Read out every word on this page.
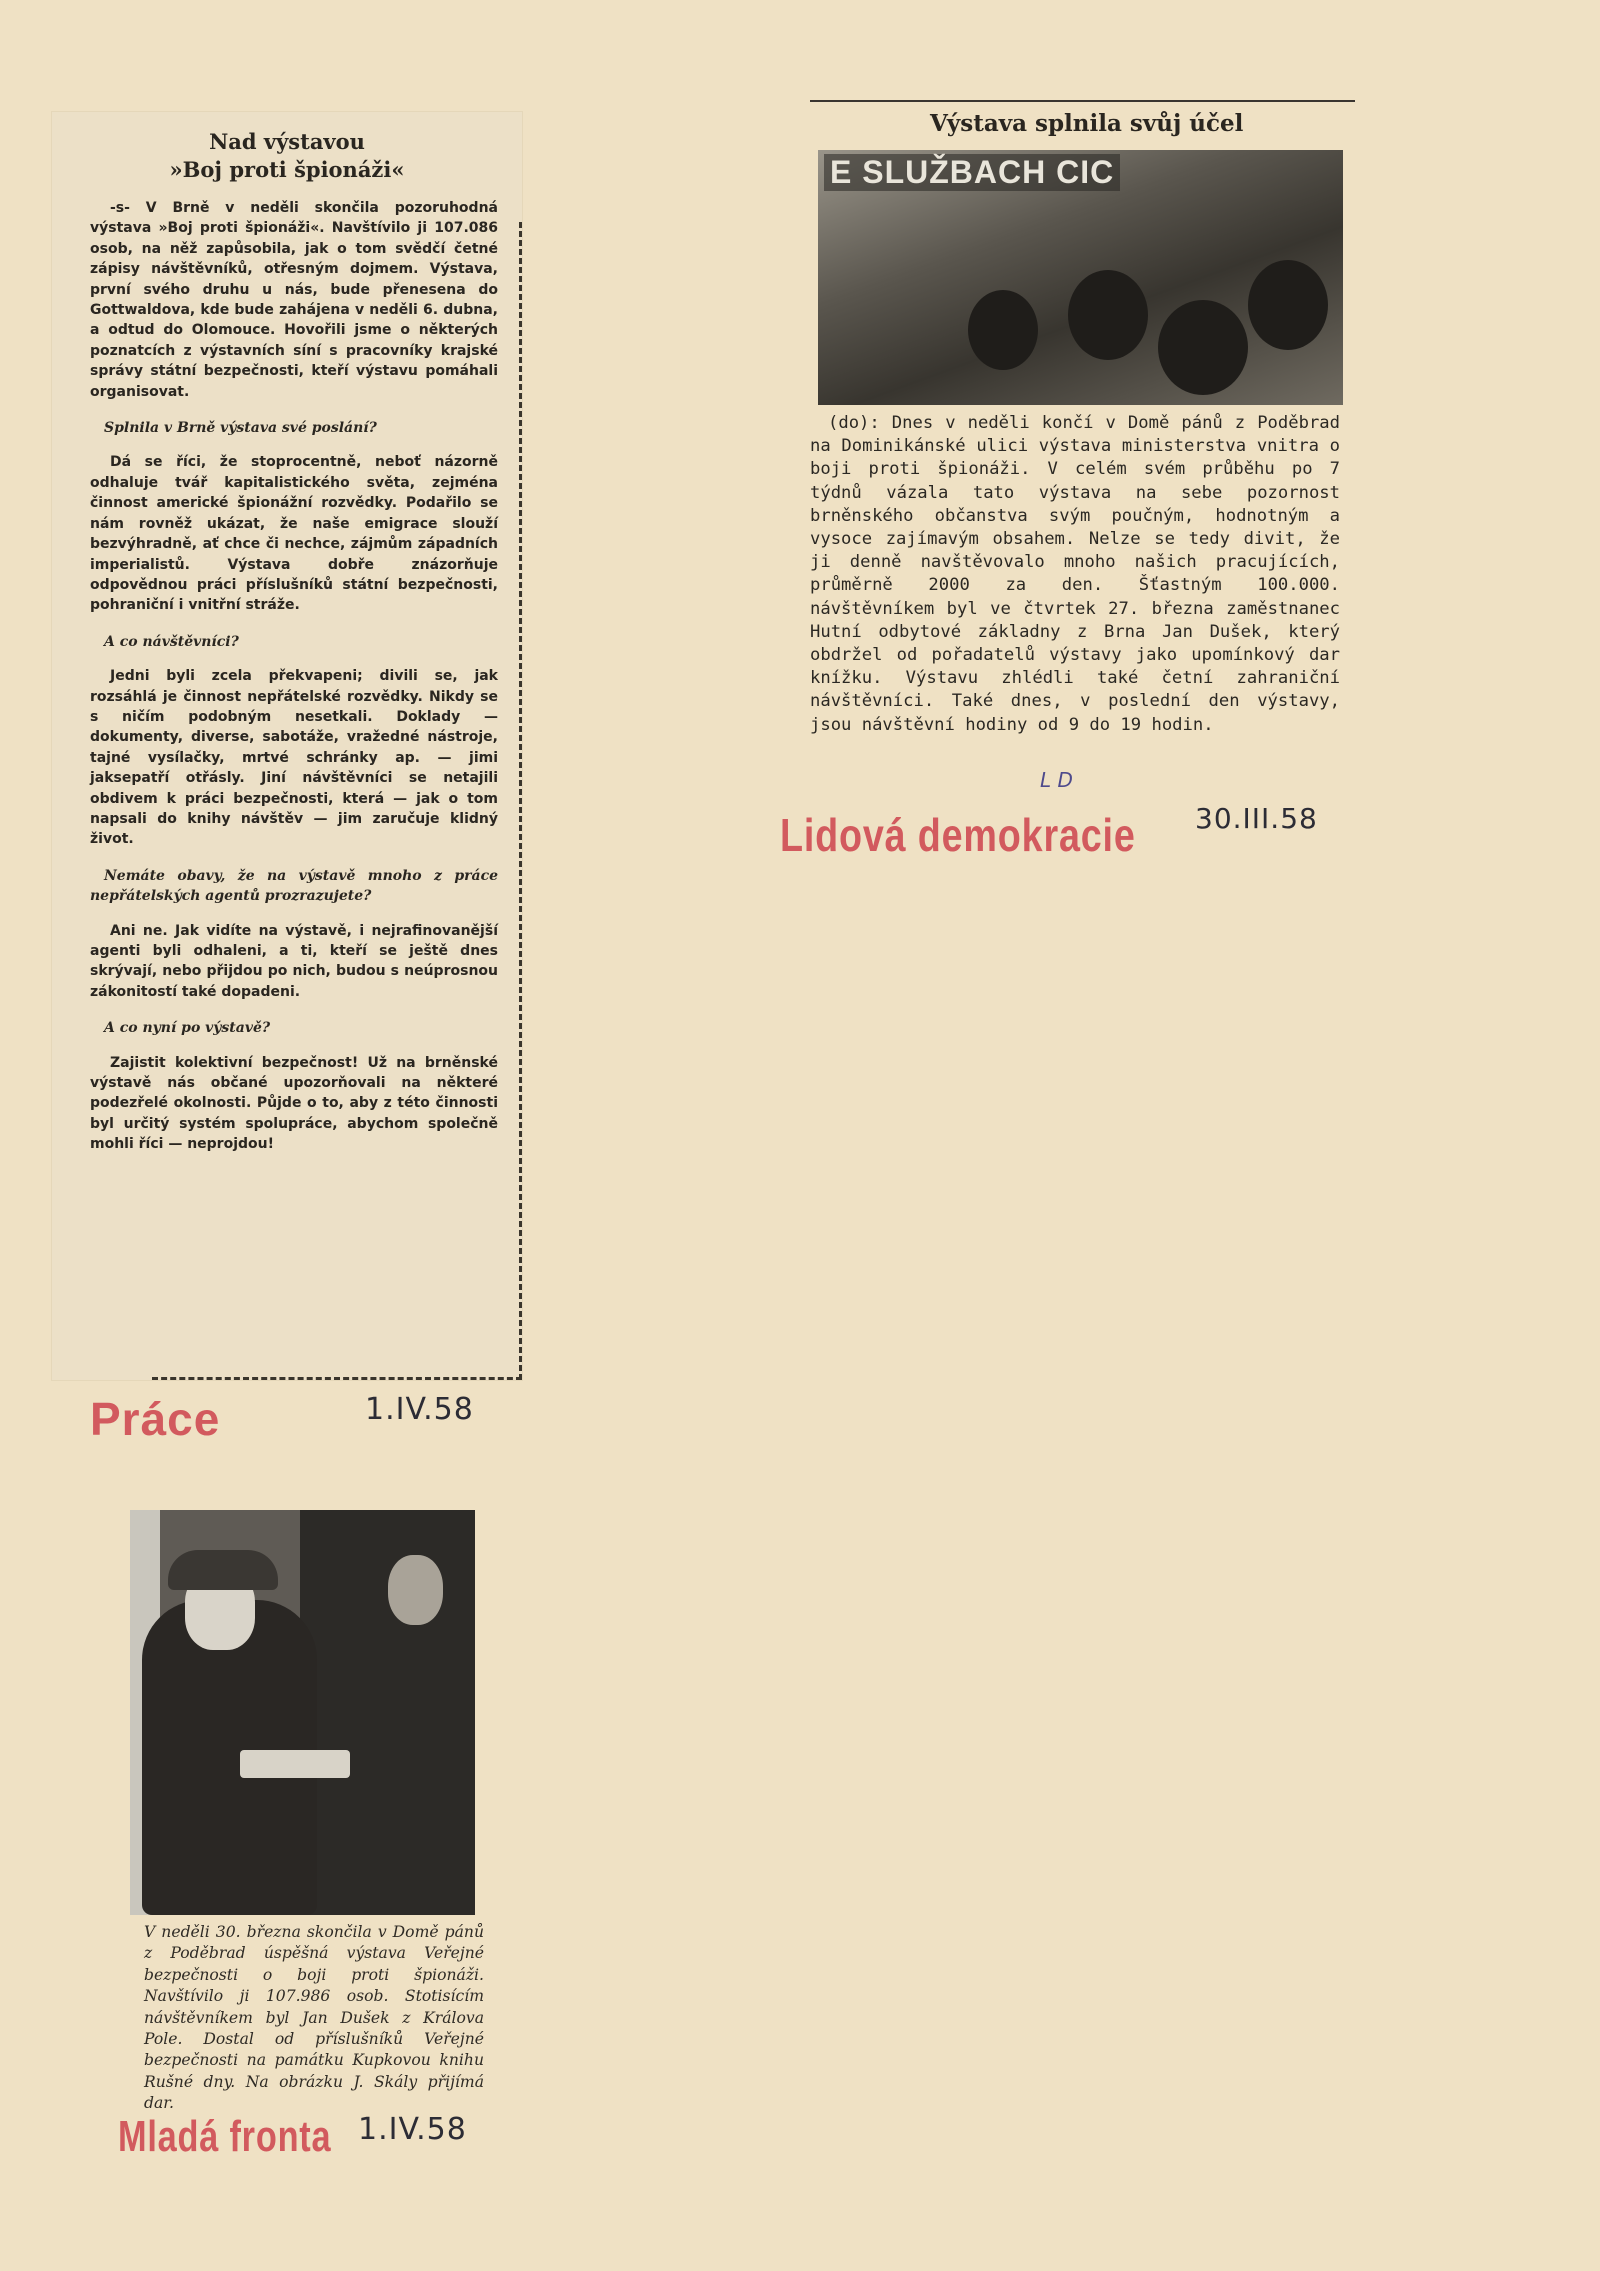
Nad výstavou
»Boj proti špionáži«

-s- V Brně v neděli skončila pozoruhodná výstava »Boj proti špionáži«. Navštívilo ji 107.086 osob, na něž zapůsobila, jak o tom svědčí četné zápisy návštěvníků, otřesným dojmem. Výstava, první svého druhu u nás, bude přenesena do Gottwaldova, kde bude zahájena v neděli 6. dubna, a odtud do Olomouce. Hovořili jsme o některých poznatcích z výstavních síní s pracovníky krajské správy státní bezpečnosti, kteří výstavu pomáhali organisovat.

Splnila v Brně výstava své poslání?

Dá se říci, že stoprocentně, neboť názorně odhaluje tvář kapitalistického světa, zejména činnost americké špionážní rozvědky. Podařilo se nám rovněž ukázat, že naše emigrace slouží bezvýhradně, ať chce či nechce, zájmům západních imperialistů. Výstava dobře znázorňuje odpovědnou práci příslušníků státní bezpečnosti, pohraniční i vnitřní stráže.

A co návštěvníci?

Jedni byli zcela překvapeni; divili se, jak rozsáhlá je činnost nepřátelské rozvědky. Nikdy se s ničím podobným nesetkali. Doklady — dokumenty, diverse, sabotáže, vražedné nástroje, tajné vysílačky, mrtvé schránky ap. — jimi jaksepatří otřásly. Jiní návštěvníci se netajili obdivem k práci bezpečnosti, která — jak o tom napsali do knihy návštěv — jim zaručuje klidný život.

Nemáte obavy, že na výstavě mnoho z práce nepřátelských agentů prozrazujete?

Ani ne. Jak vidíte na výstavě, i nejrafinovanější agenti byli odhaleni, a ti, kteří se ještě dnes skrývají, nebo přijdou po nich, budou s neúprosnou zákonitostí také dopadeni.

A co nyní po výstavě?

Zajistit kolektivní bezpečnost! Už na brněnské výstavě nás občané upozorňovali na některé podezřelé okolnosti. Půjde o to, aby z této činnosti byl určitý systém spolupráce, abychom společně mohli říci — neprojdou!

Práce	1.IV.58
Výstava splnila svůj účel
E SLUŽBACH CIC

(do): Dnes v neděli končí v Domě pánů z Poděbrad na Dominikánské ulici výstava ministerstva vnitra o boji proti špionáži. V celém svém průběhu po 7 týdnů vázala tato výstava na sebe pozornost brněnského občanstva svým poučným, hodnotným a vysoce zajímavým obsahem. Nelze se tedy divit, že ji denně navštěvovalo mnoho našich pracujících, průměrně 2000 za den. Šťastným 100.000. návštěvníkem byl ve čtvrtek 27. března zaměstnanec Hutní odbytové základny z Brna Jan Dušek, který obdržel od pořadatelů výstavy jako upomínkový dar knížku. Výstavu zhlédli také četní zahraniční návštěvníci. Také dnes, v poslední den výstavy, jsou návštěvní hodiny od 9 do 19 hodin.

L D
Lidová demokracie 30.III.58
V neděli 30. března skončila v Domě pánů z Poděbrad úspěšná výstava Veřejné bezpečnosti o boji proti špionáži. Navštívilo ji 107.986 osob. Stotisícím návštěvníkem byl Jan Dušek z Králova Pole. Dostal od příslušníků Veřejné bezpečnosti na památku Kupkovou knihu Rušné dny. Na obrázku J. Skály přijímá dar.
Mladá fronta 1.IV.58
